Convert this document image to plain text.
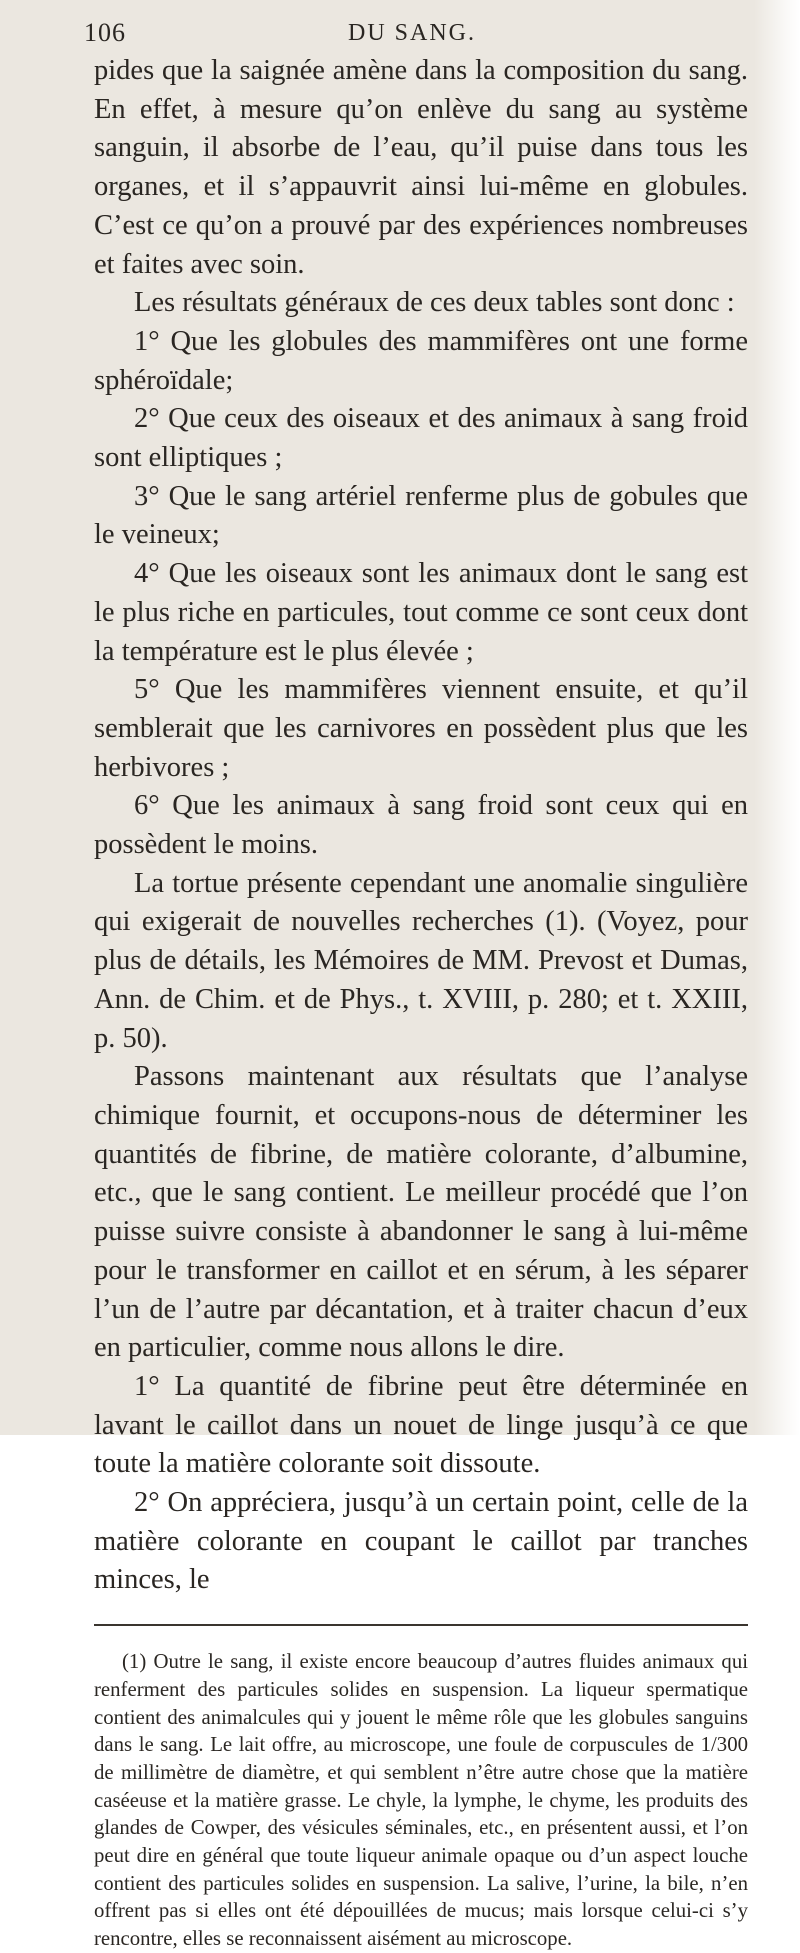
106	DU SANG.

pides que la saignée amène dans la composition du sang. En effet, à mesure qu’on enlève du sang au système sanguin, il absorbe de l’eau, qu’il puise dans tous les organes, et il s’appauvrit ainsi lui-même en globules. C’est ce qu’on a prouvé par des expériences nombreuses et faites avec soin.

Les résultats généraux de ces deux tables sont donc :

1° Que les globules des mammifères ont une forme sphéroïdale;

2° Que ceux des oiseaux et des animaux à sang froid sont elliptiques ;

3° Que le sang artériel renferme plus de gobules que le veineux;

4° Que les oiseaux sont les animaux dont le sang est le plus riche en particules, tout comme ce sont ceux dont la température est le plus élevée ;

5° Que les mammifères viennent ensuite, et qu’il semblerait que les carnivores en possèdent plus que les herbivores ;

6° Que les animaux à sang froid sont ceux qui en possèdent le moins.

La tortue présente cependant une anomalie singulière qui exigerait de nouvelles recherches (1). (Voyez, pour plus de détails, les Mémoires de MM. Prevost et Dumas, Ann. de Chim. et de Phys., t. XVIII, p. 280; et t. XXIII, p. 50).

Passons maintenant aux résultats que l’analyse chimique fournit, et occupons-nous de déterminer les quantités de fibrine, de matière colorante, d’albumine, etc., que le sang contient. Le meilleur procédé que l’on puisse suivre consiste à abandonner le sang à lui-même pour le transformer en caillot et en sérum, à les séparer l’un de l’autre par décantation, et à traiter chacun d’eux en particulier, comme nous allons le dire.

1° La quantité de fibrine peut être déterminée en lavant le caillot dans un nouet de linge jusqu’à ce que toute la matière colorante soit dissoute.

2° On appréciera, jusqu’à un certain point, celle de la matière colorante en coupant le caillot par tranches minces, le

(1) Outre le sang, il existe encore beaucoup d’autres fluides animaux qui renferment des particules solides en suspension. La liqueur spermatique contient des animalcules qui y jouent le même rôle que les globules sanguins dans le sang. Le lait offre, au microscope, une foule de corpuscules de 1/300 de millimètre de diamètre, et qui semblent n’être autre chose que la matière caséeuse et la matière grasse. Le chyle, la lymphe, le chyme, les produits des glandes de Cowper, des vésicules séminales, etc., en présentent aussi, et l’on peut dire en général que toute liqueur animale opaque ou d’un aspect louche contient des particules solides en suspension. La salive, l’urine, la bile, n’en offrent pas si elles ont été dépouillées de mucus; mais lorsque celui-ci s’y rencontre, elles se reconnaissent aisément au microscope.
